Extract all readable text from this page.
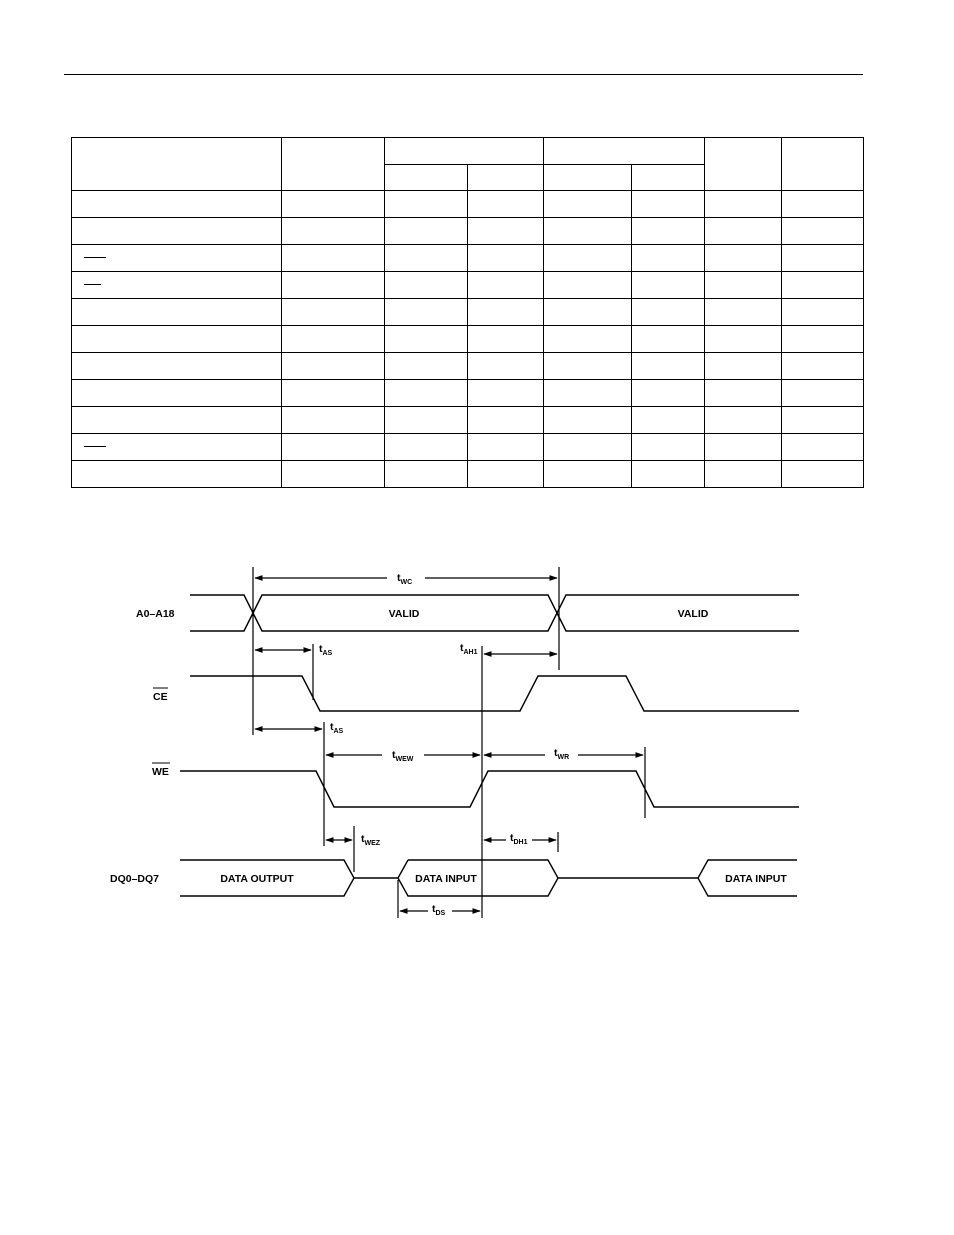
A0–A18
CE
WE
DQ0–DQ7
VALID	VALID
DATA OUTPUT	DATA INPUT	DATA INPUT
$t_{WC}$
$t_{AS}$	$t_{AH1}$
$t_{AS}$
$t_{WEW}$
$t_{WR}$
$t_{WEZ}$	$t_{DH1}$
$t_{DS}$
